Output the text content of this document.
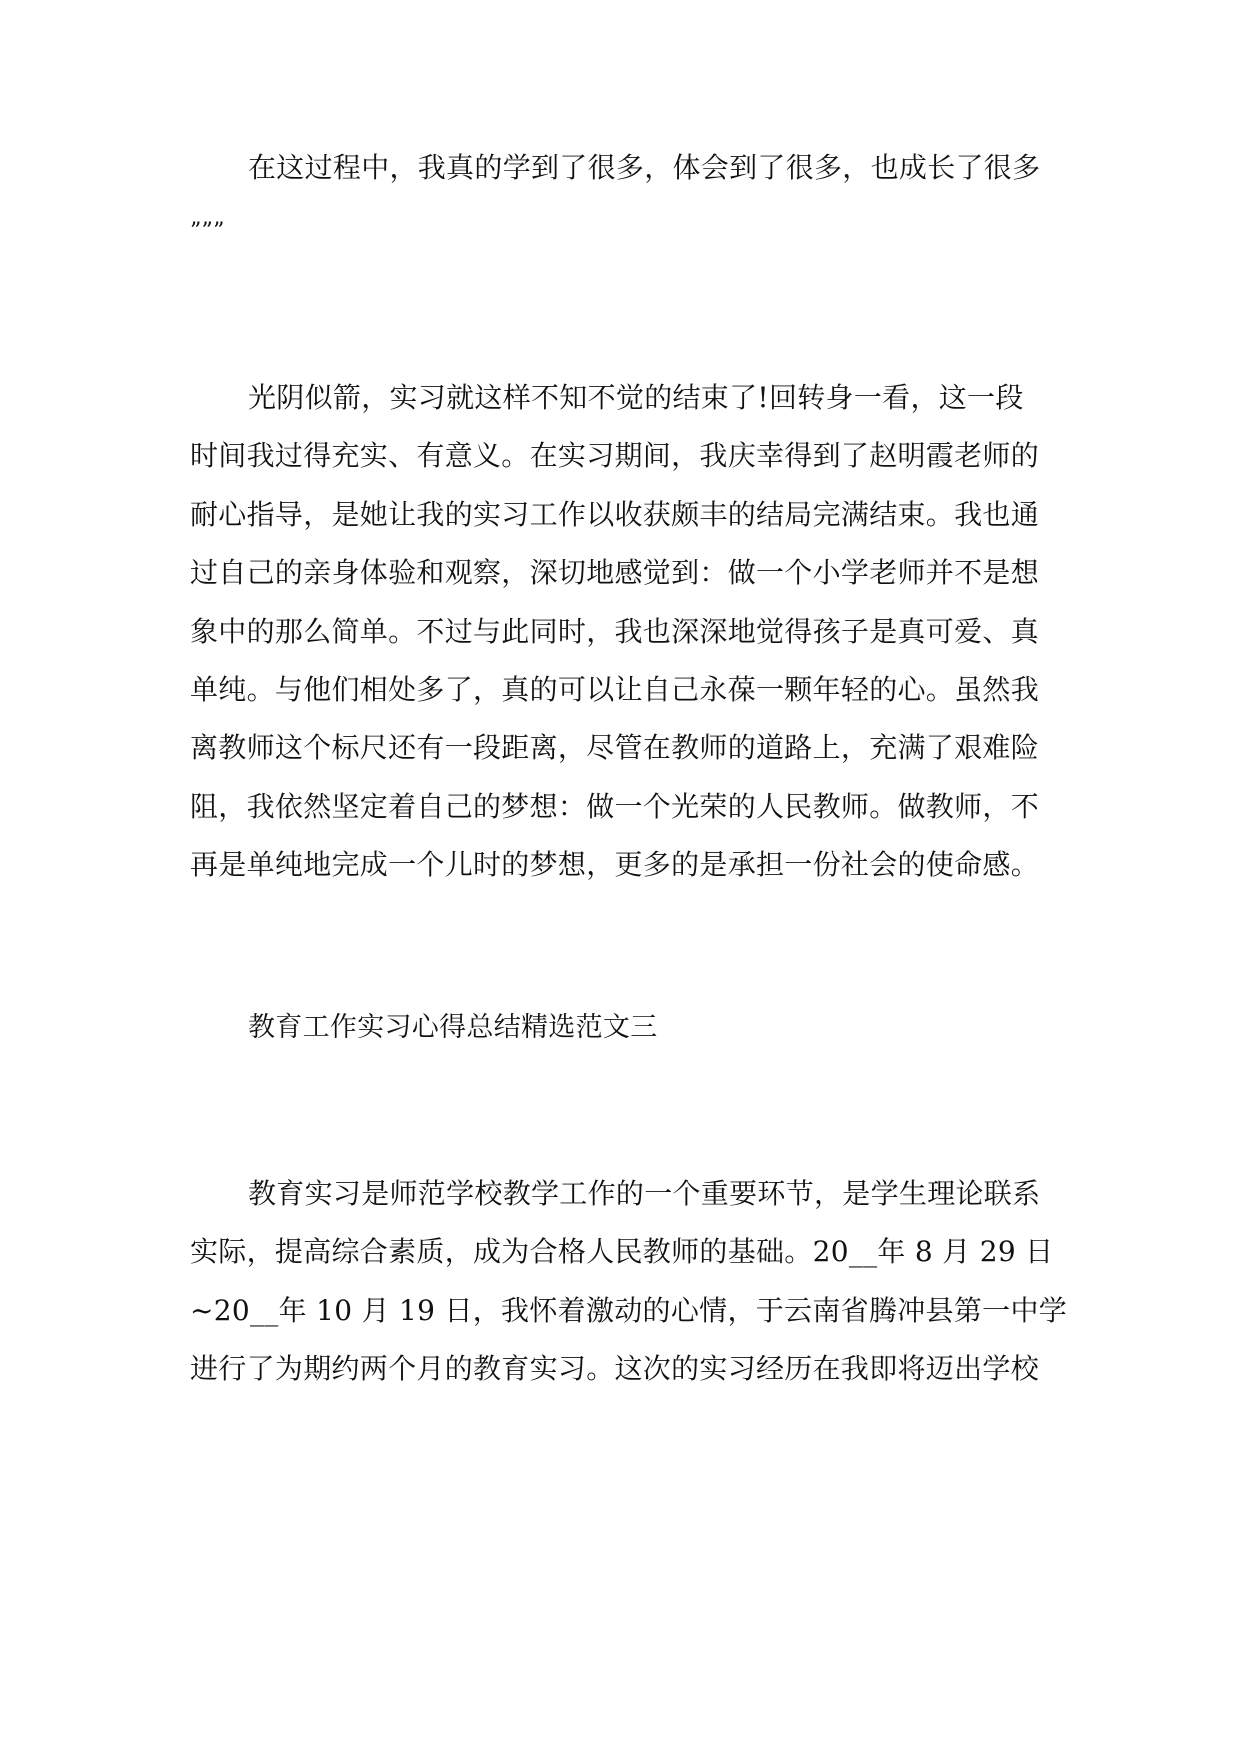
在这过程中，我真的学到了很多，体会到了很多，也成长了很多
”””
光阴似箭，实习就这样不知不觉的结束了!回转身一看，这一段
时间我过得充实、有意义。在实习期间，我庆幸得到了赵明霞老师的
耐心指导，是她让我的实习工作以收获颇丰的结局完满结束。我也通
过自己的亲身体验和观察，深切地感觉到：做一个小学老师并不是想
象中的那么简单。不过与此同时，我也深深地觉得孩子是真可爱、真
单纯。与他们相处多了，真的可以让自己永葆一颗年轻的心。虽然我
离教师这个标尺还有一段距离，尽管在教师的道路上，充满了艰难险
阻，我依然坚定着自己的梦想：做一个光荣的人民教师。做教师，不
再是单纯地完成一个儿时的梦想，更多的是承担一份社会的使命感。
教育工作实习心得总结精选范文三
教育实习是师范学校教学工作的一个重要环节，是学生理论联系
实际，提高综合素质，成为合格人民教师的基础。20__年 8 月 29 日
~20__年 10 月 19 日，我怀着激动的心情，于云南省腾冲县第一中学
进行了为期约两个月的教育实习。这次的实习经历在我即将迈出学校
